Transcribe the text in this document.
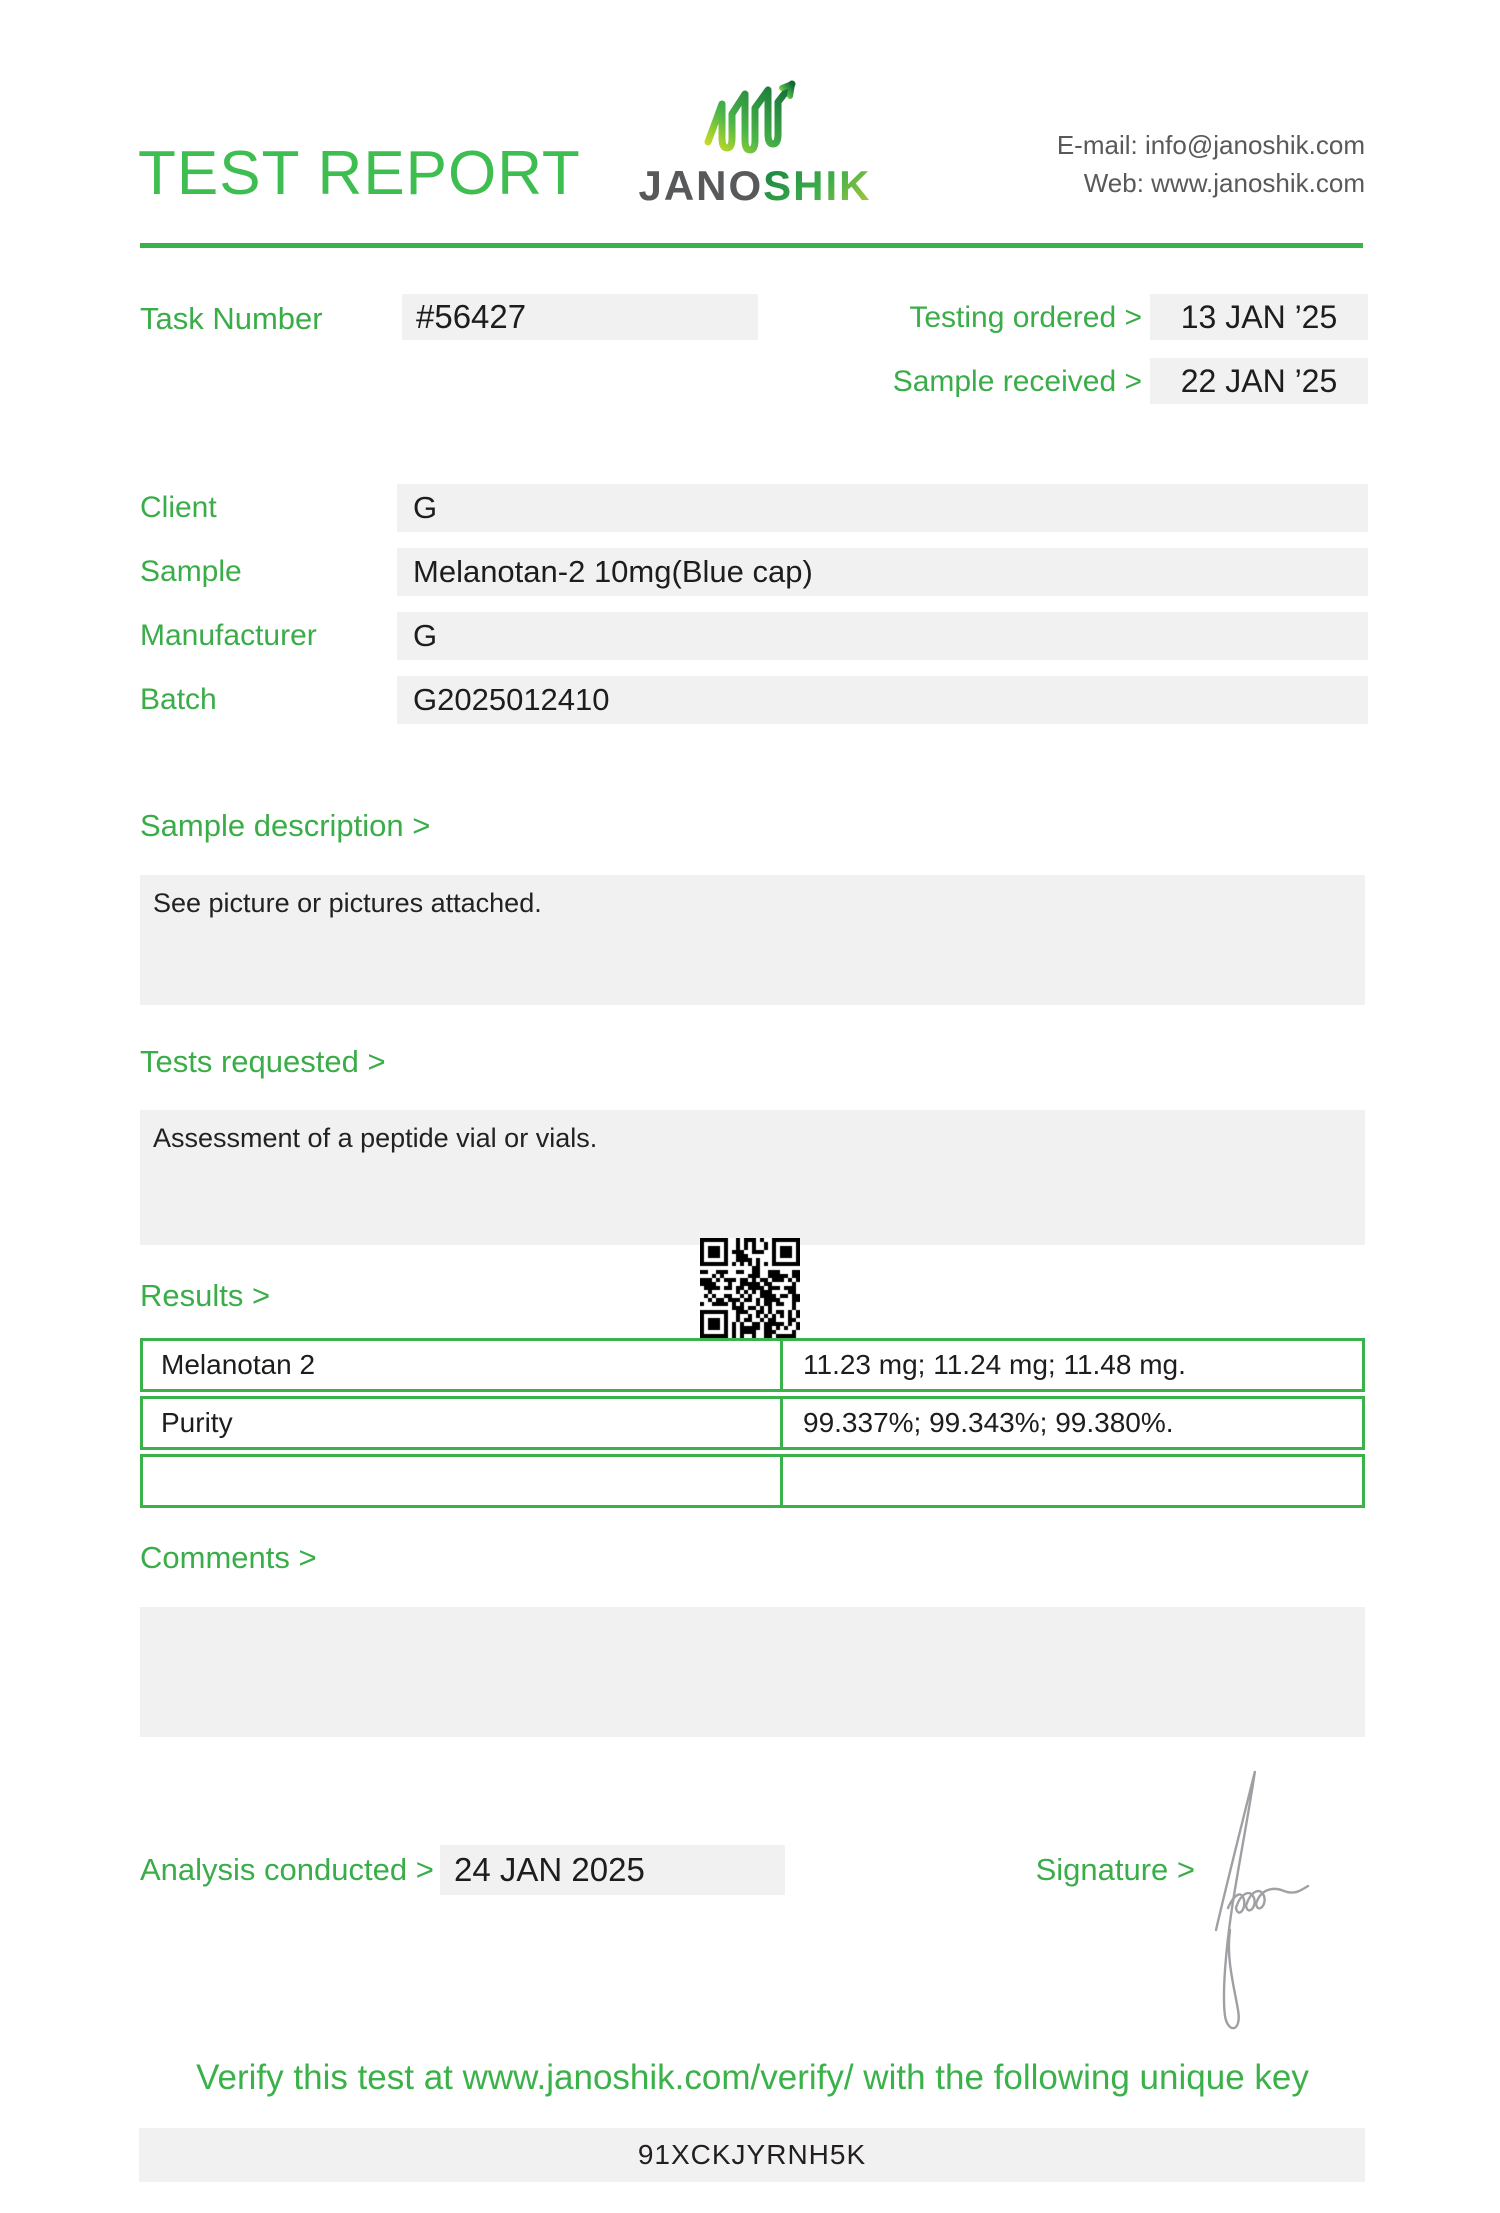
TEST REPORT JANOSHIK
E-mail: info@janoshik.com
Web: www.janoshik.com
Task Number	#56427	Testing ordered >	13 JAN ’25
Sample received >	22 JAN ’25
Client	G
Sample	Melanotan-2 10mg(Blue cap)
Manufacturer	G
Batch	G2025012410
Sample description >
See picture or pictures attached.
Tests requested >
Assessment of a peptide vial or vials.
Results >
Melanotan 2	11.23 mg; 11.24 mg; 11.48 mg.
Purity	99.337%; 99.343%; 99.380%.
Comments >
Analysis conducted > 24 JAN 2025	Signature >
Verify this test at www.janoshik.com/verify/ with the following unique key
91XCKJYRNH5K
